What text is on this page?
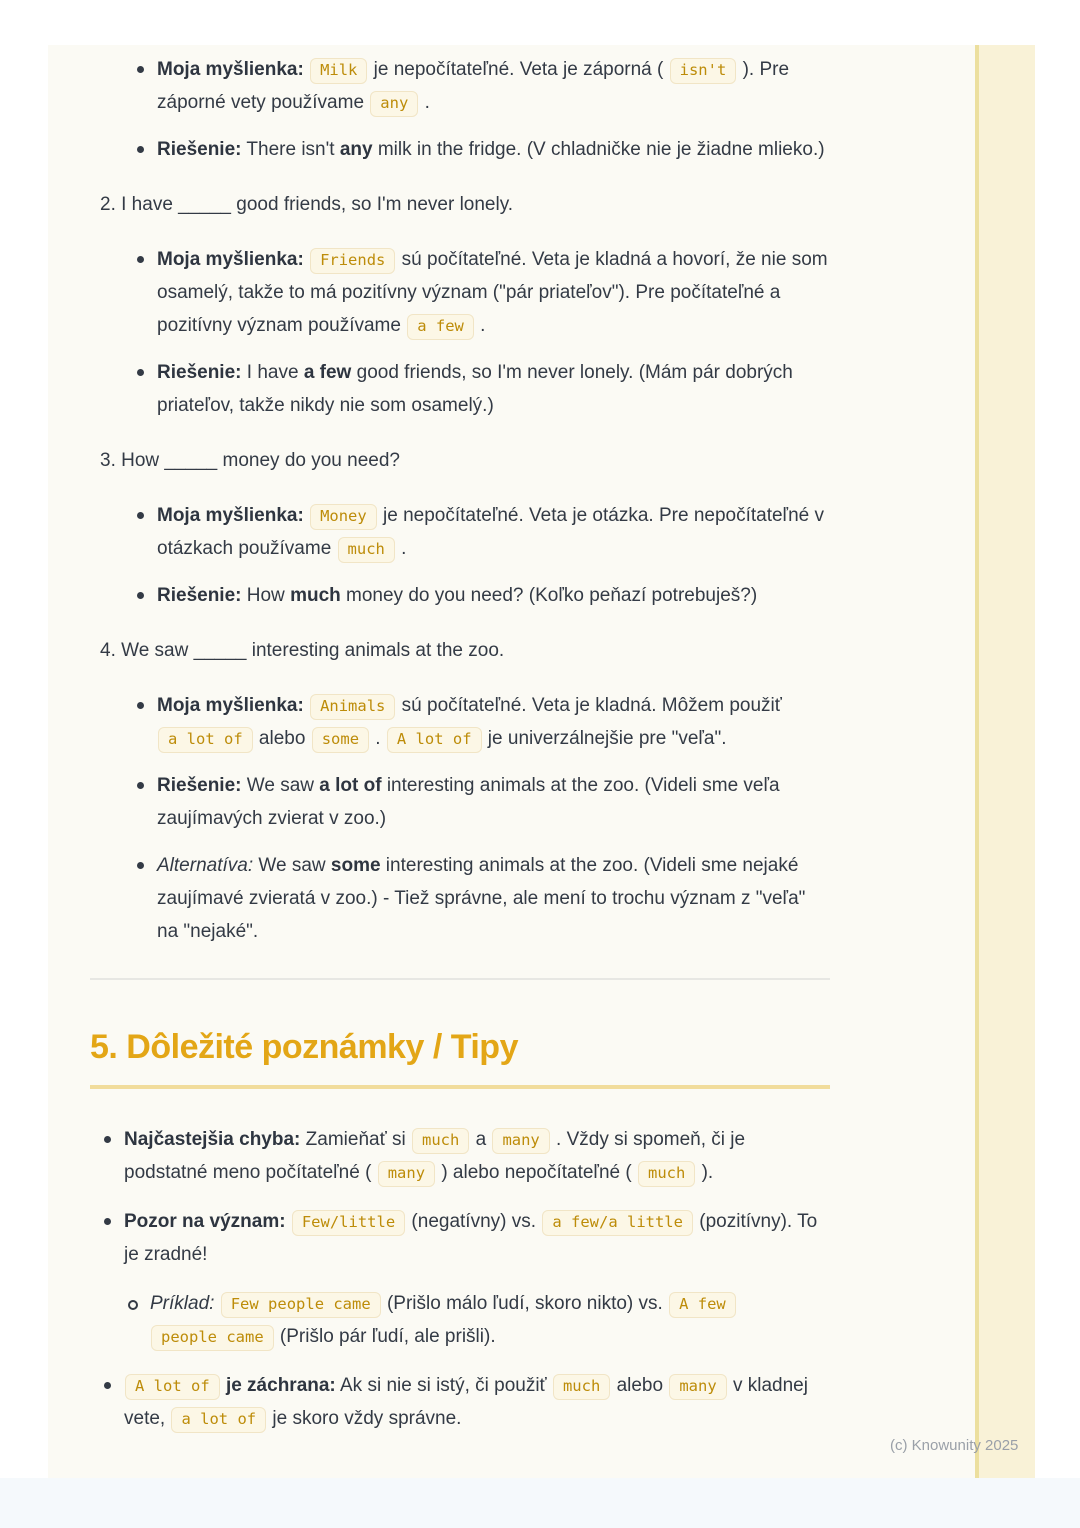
Moja myšlienka: Milk je nepočítateľné. Veta je záporná ( isn't ). Pre záporné vety používame any .
Riešenie: There isn't any milk in the fridge. (V chladničke nie je žiadne mlieko.)
2. I have _____ good friends, so I'm never lonely.
Moja myšlienka: Friends sú počítateľné. Veta je kladná a hovorí, že nie som osamelý, takže to má pozitívny význam ("pár priateľov"). Pre počítateľné a pozitívny význam používame a few .
Riešenie: I have a few good friends, so I'm never lonely. (Mám pár dobrých priateľov, takže nikdy nie som osamelý.)
3. How _____ money do you need?
Moja myšlienka: Money je nepočítateľné. Veta je otázka. Pre nepočítateľné v otázkach používame much .
Riešenie: How much money do you need? (Koľko peňazí potrebuješ?)
4. We saw _____ interesting animals at the zoo.
Moja myšlienka: Animals sú počítateľné. Veta je kladná. Môžem použiť a lot of alebo some . A lot of je univerzálnejšie pre "veľa".
Riešenie: We saw a lot of interesting animals at the zoo. (Videli sme veľa zaujímavých zvierat v zoo.)
Alternatíva: We saw some interesting animals at the zoo. (Videli sme nejaké zaujímavé zvieratá v zoo.) - Tiež správne, ale mení to trochu význam z "veľa" na "nejaké".
5. Dôležité poznámky / Tipy
Najčastejšia chyba: Zamieňať si much a many . Vždy si spomeň, či je podstatné meno počítateľné ( many ) alebo nepočítateľné ( much ).
Pozor na význam: Few/little (negatívny) vs. a few/a little (pozitívny). To je zradné!
Príklad: Few people came (Prišlo málo ľudí, skoro nikto) vs. A few people came (Prišlo pár ľudí, ale prišli).
A lot of je záchrana: Ak si nie si istý, či použiť much alebo many v kladnej vete, a lot of je skoro vždy správne.
(c) Knowunity 2025
